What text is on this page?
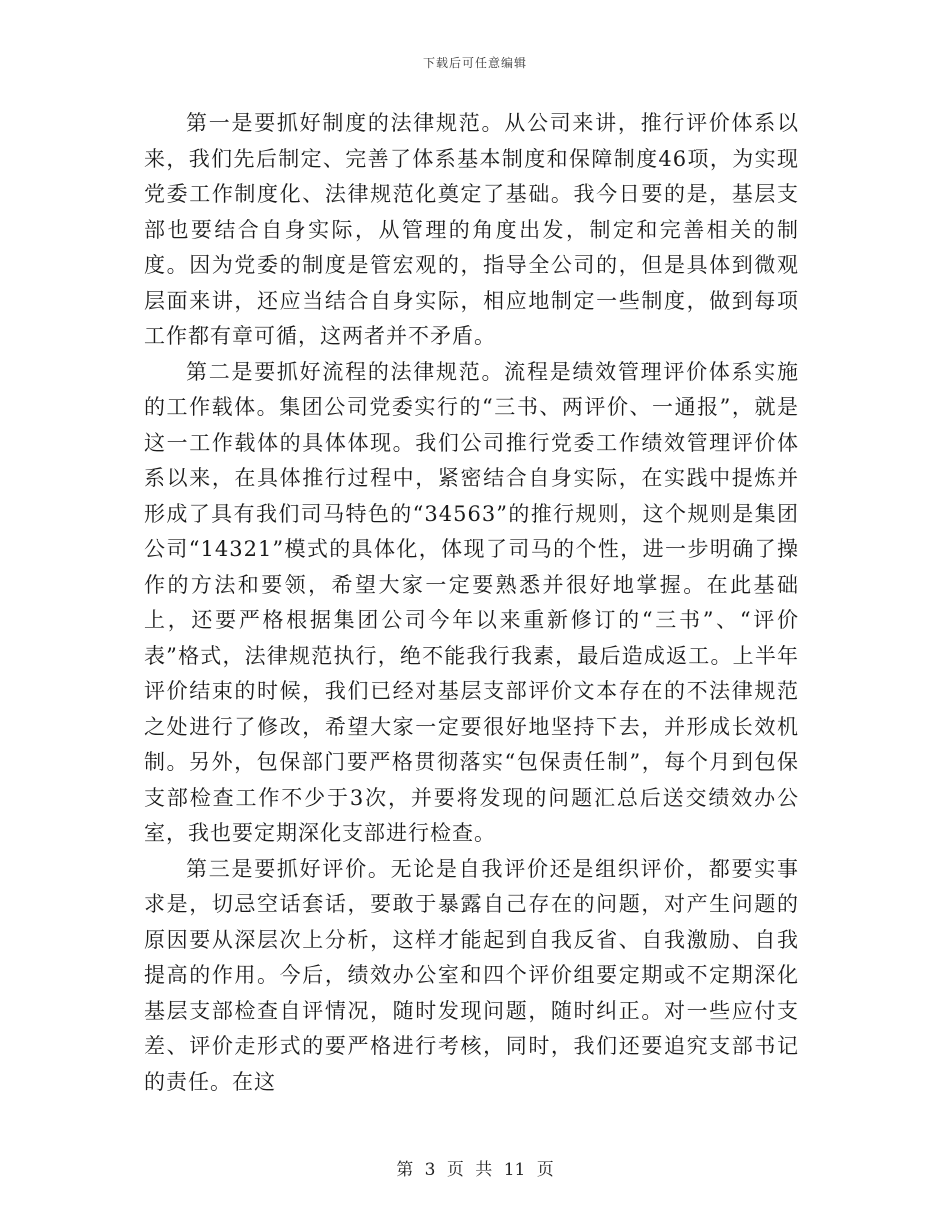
下载后可任意编辑

第一是要抓好制度的法律规范。从公司来讲，推行评价体系以来，我们先后制定、完善了体系基本制度和保障制度46项，为实现党委工作制度化、法律规范化奠定了基础。我今日要的是，基层支部也要结合自身实际，从管理的角度出发，制定和完善相关的制度。因为党委的制度是管宏观的，指导全公司的，但是具体到微观层面来讲，还应当结合自身实际，相应地制定一些制度，做到每项工作都有章可循，这两者并不矛盾。

第二是要抓好流程的法律规范。流程是绩效管理评价体系实施的工作载体。集团公司党委实行的“三书、两评价、一通报”，就是这一工作载体的具体体现。我们公司推行党委工作绩效管理评价体系以来，在具体推行过程中，紧密结合自身实际，在实践中提炼并形成了具有我们司马特色的“34563”的推行规则，这个规则是集团公司“14321”模式的具体化，体现了司马的个性，进一步明确了操作的方法和要领，希望大家一定要熟悉并很好地掌握。在此基础上，还要严格根据集团公司今年以来重新修订的“三书”、“评价表”格式，法律规范执行，绝不能我行我素，最后造成返工。上半年评价结束的时候，我们已经对基层支部评价文本存在的不法律规范之处进行了修改，希望大家一定要很好地坚持下去，并形成长效机制。另外，包保部门要严格贯彻落实“包保责任制”，每个月到包保支部检查工作不少于3次，并要将发现的问题汇总后送交绩效办公室，我也要定期深化支部进行检查。

第三是要抓好评价。无论是自我评价还是组织评价，都要实事求是，切忌空话套话，要敢于暴露自己存在的问题，对产生问题的原因要从深层次上分析，这样才能起到自我反省、自我激励、自我提高的作用。今后，绩效办公室和四个评价组要定期或不定期深化基层支部检查自评情况，随时发现问题，随时纠正。对一些应付支差、评价走形式的要严格进行考核，同时，我们还要追究支部书记的责任。在这

第 3 页 共 11 页
